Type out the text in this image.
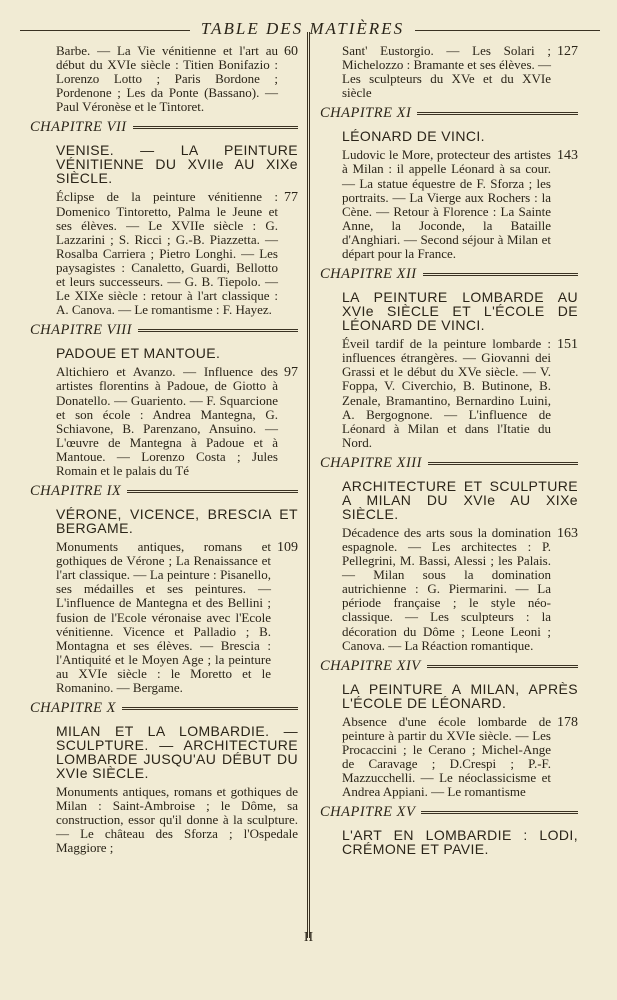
TABLE DES MATIÈRES
Barbe. — La Vie vénitienne et l'art au début du XVIe siècle : Titien Bonifazio : Lorenzo Lotto ; Paris Bordone ; Pordenone ; Les da Ponte (Bassano). — Paul Véronèse et le Tintoret.
60
CHAPITRE VII
VENISE. — LA PEINTURE VÉNITIENNE DU XVIIe AU XIXe SIÈCLE.
Éclipse de la peinture vénitienne : Domenico Tintoretto, Palma le Jeune et ses élèves. — Le XVIIe siècle : G. Lazzarini ; S. Ricci ; G.-B. Piazzetta. — Rosalba Carriera ; Pietro Longhi. — Les paysagistes : Canaletto, Guardi, Bellotto et leurs successeurs. — G. B. Tiepolo. — Le XIXe siècle : retour à l'art classique : A. Canova. — Le romantisme : F. Hayez.
77
CHAPITRE VIII
PADOUE ET MANTOUE.
Altichiero et Avanzo. — Influence des artistes florentins à Padoue, de Giotto à Donatello. — Guariento. — F. Squarcione et son école : Andrea Mantegna, G. Schiavone, B. Parenzano, Ansuino. — L'œuvre de Mantegna à Padoue et à Mantoue. — Lorenzo Costa ; Jules Romain et le palais du Té
97
CHAPITRE IX
VÉRONE, VICENCE, BRESCIA ET BERGAME.
Monuments antiques, romans et gothiques de Vérone ; La Renaissance et l'art classique. — La peinture : Pisanello, ses médailles et ses peintures. — L'influence de Mantegna et des Bellini ; fusion de l'Ecole véronaise avec l'Ecole vénitienne. Vicence et Palladio ; B. Montagna et ses élèves. — Brescia : l'Antiquité et le Moyen Age ; la peinture au XVIe siècle : le Moretto et le Romanino. — Bergame.
109
CHAPITRE X
MILAN ET LA LOMBARDIE. — SCULPTURE. — ARCHITECTURE LOMBARDE JUSQU'AU DÉBUT DU XVIe SIÈCLE.
Monuments antiques, romans et gothiques de Milan : Saint-Ambroise ; le Dôme, sa construction, essor qu'il donne à la sculpture. — Le château des Sforza ; l'Ospedale Maggiore ;
Sant' Eustorgio. — Les Solari ; Michelozzo : Bramante et ses élèves. — Les sculpteurs du XVe et du XVIe siècle
127
CHAPITRE XI
LÉONARD DE VINCI.
Ludovic le More, protecteur des artistes à Milan : il appelle Léonard à sa cour. — La statue équestre de F. Sforza ; les portraits. — La Vierge aux Rochers : la Cène. — Retour à Florence : La Sainte Anne, la Joconde, la Bataille d'Anghiari. — Second séjour à Milan et départ pour la France.
143
CHAPITRE XII
LA PEINTURE LOMBARDE AU XVIe SIÈCLE ET L'ÉCOLE DE LÉONARD DE VINCI.
Éveil tardif de la peinture lombarde : influences étrangères. — Giovanni dei Grassi et le début du XVe siècle. — V. Foppa, V. Civerchio, B. Butinone, B. Zenale, Bramantino, Bernardino Luini, A. Bergognone. — L'influence de Léonard à Milan et dans l'Itatie du Nord.
151
CHAPITRE XIII
ARCHITECTURE ET SCULPTURE A MILAN DU XVIe AU XIXe SIÈCLE.
Décadence des arts sous la domination espagnole. — Les architectes : P. Pellegrini, M. Bassi, Alessi ; les Palais. — Milan sous la domination autrichienne : G. Piermarini. — La période française ; le style néo-classique. — Les sculpteurs : la décoration du Dôme ; Leone Leoni ; Canova. — La Réaction romantique.
163
CHAPITRE XIV
LA PEINTURE A MILAN, APRÈS L'ÉCOLE DE LÉONARD.
Absence d'une école lombarde de peinture à partir du XVIe siècle. — Les Procaccini ; le Cerano ; Michel-Ange de Caravage ; D.Crespi ; P.-F. Mazzucchelli. — Le néoclassicisme et Andrea Appiani. — Le romantisme
178
CHAPITRE XV
L'ART EN LOMBARDIE : LODI, CRÉMONE ET PAVIE.
II
